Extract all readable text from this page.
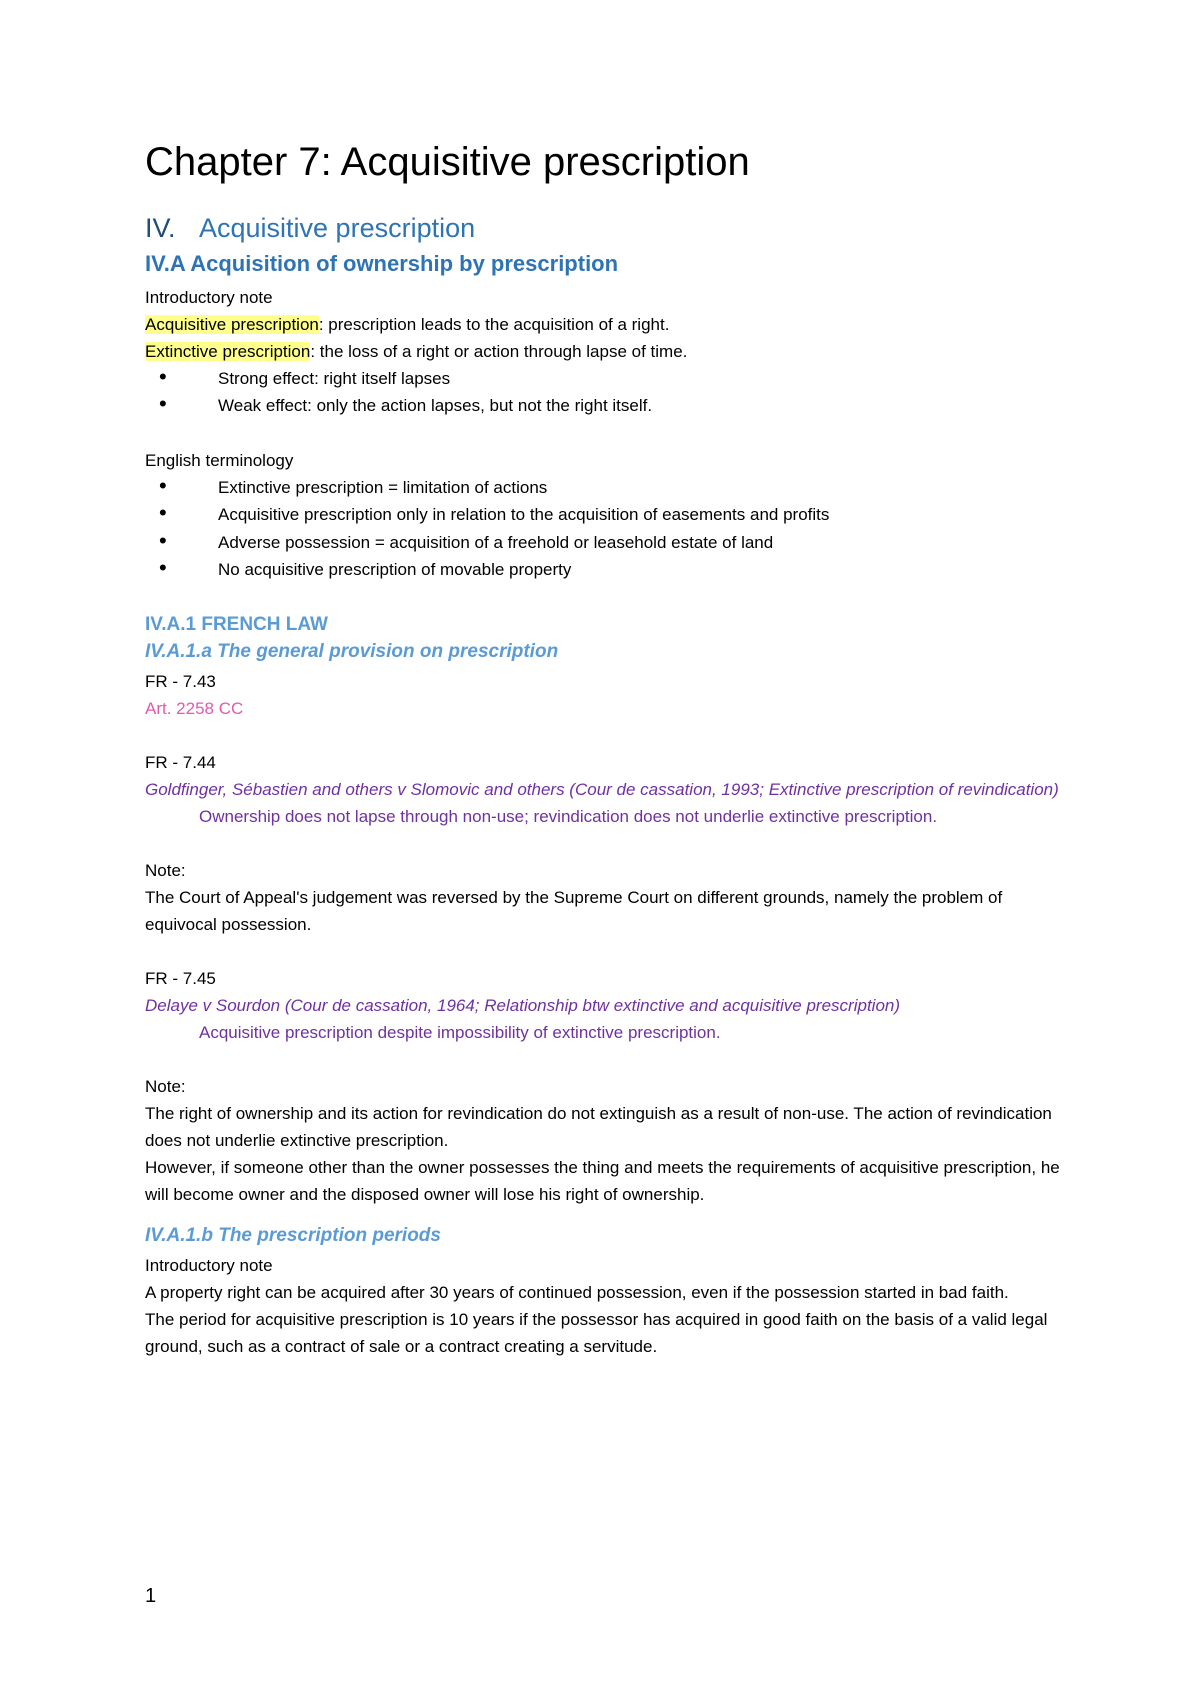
Chapter 7: Acquisitive prescription
IV. Acquisitive prescription
IV.A Acquisition of ownership by prescription

Introductory note

Acquisitive prescription: prescription leads to the acquisition of a right.

Extinctive prescription: the loss of a right or action through lapse of time.

• Strong effect: right itself lapses
• Weak effect: only the action lapses, but not the right itself.

English terminology

• Extinctive prescription = limitation of actions
• Acquisitive prescription only in relation to the acquisition of easements and profits
• Adverse possession = acquisition of a freehold or leasehold estate of land
• No acquisitive prescription of movable property
IV.A.1 FRENCH LAW
IV.A.1.a The general provision on prescription

FR - 7.43

Art. 2258 CC

FR - 7.44

Goldfinger, Sébastien and others v Slomovic and others (Cour de cassation, 1993; Extinctive prescription of revindication)

Ownership does not lapse through non-use; revindication does not underlie extinctive prescription.

Note:

The Court of Appeal's judgement was reversed by the Supreme Court on different grounds, namely the problem of equivocal possession.

FR - 7.45

Delaye v Sourdon (Cour de cassation, 1964; Relationship btw extinctive and acquisitive prescription)

Acquisitive prescription despite impossibility of extinctive prescription.

Note:

The right of ownership and its action for revindication do not extinguish as a result of non-use. The action of revindication does not underlie extinctive prescription.

However, if someone other than the owner possesses the thing and meets the requirements of acquisitive prescription, he will become owner and the disposed owner will lose his right of ownership.

IV.A.1.b The prescription periods

Introductory note

A property right can be acquired after 30 years of continued possession, even if the possession started in bad faith.

The period for acquisitive prescription is 10 years if the possessor has acquired in good faith on the basis of a valid legal ground, such as a contract of sale or a contract creating a servitude.

1
